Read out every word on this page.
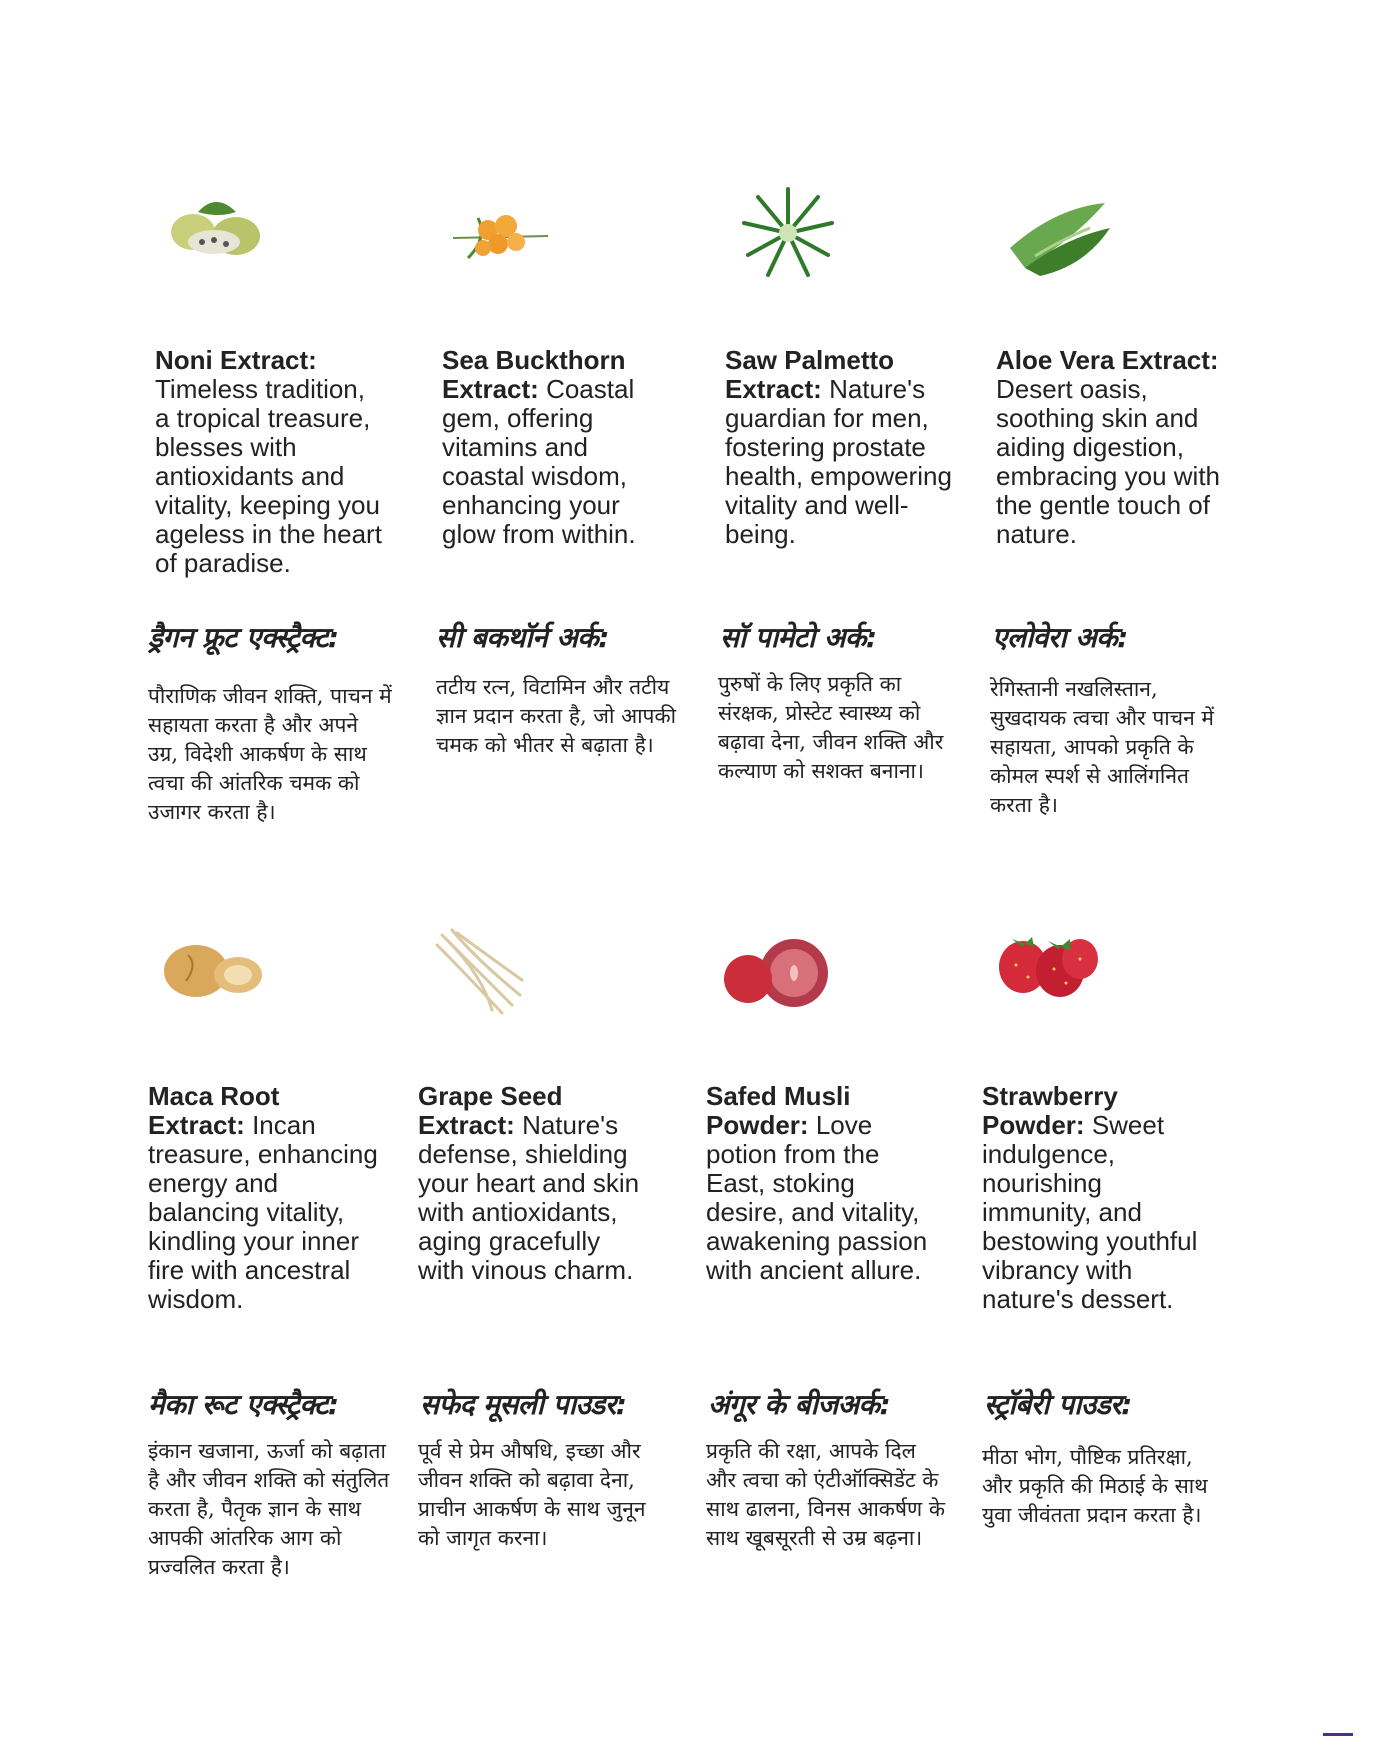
Noni Extract: Timeless tradition, a tropical treasure, blesses with antioxidants and vitality, keeping you ageless in the heart of paradise.

ड्रैगन फ्रूट एक्स्ट्रैक्ट:

पौराणिक जीवन शक्ति, पाचन में सहायता करता है और अपने उग्र, विदेशी आकर्षण के साथ त्वचा की आंतरिक चमक को उजागर करता है।

Sea Buckthorn Extract: Coastal gem, offering vitamins and coastal wisdom, enhancing your glow from within.

सी बकथॉर्न अर्क:

तटीय रत्न, विटामिन और तटीय ज्ञान प्रदान करता है, जो आपकी चमक को भीतर से बढ़ाता है।

Saw Palmetto Extract: Nature's guardian for men, fostering prostate health, empowering vitality and well-being.

सॉ पामेटो अर्क:

पुरुषों के लिए प्रकृति का संरक्षक, प्रोस्टेट स्वास्थ्य को बढ़ावा देना, जीवन शक्ति और कल्याण को सशक्त बनाना।

Aloe Vera Extract: Desert oasis, soothing skin and aiding digestion, embracing you with the gentle touch of nature.

एलोवेरा अर्क:

रेगिस्तानी नखलिस्तान, सुखदायक त्वचा और पाचन में सहायता, आपको प्रकृति के कोमल स्पर्श से आलिंगनित करता है।

Maca Root Extract: Incan treasure, enhancing energy and balancing vitality, kindling your inner fire with ancestral wisdom.

मैका रूट एक्स्ट्रैक्ट:

इंकान खजाना, ऊर्जा को बढ़ाता है और जीवन शक्ति को संतुलित करता है, पैतृक ज्ञान के साथ आपकी आंतरिक आग को प्रज्वलित करता है।

Grape Seed Extract: Nature's defense, shielding your heart and skin with antioxidants, aging gracefully with vinous charm.

सफेद मूसली पाउडर:

पूर्व से प्रेम औषधि, इच्छा और जीवन शक्ति को बढ़ावा देना, प्राचीन आकर्षण के साथ जुनून को जागृत करना।

Safed Musli Powder: Love potion from the East, stoking desire, and vitality, awakening passion with ancient allure.

अंगूर के बीजअर्क:

प्रकृति की रक्षा, आपके दिल और त्वचा को एंटीऑक्सिडेंट के साथ ढालना, विनस आकर्षण के साथ खूबसूरती से उम्र बढ़ना।

Strawberry Powder: Sweet indulgence, nourishing immunity, and bestowing youthful vibrancy with nature's dessert.

स्ट्रॉबेरी पाउडर:

मीठा भोग, पौष्टिक प्रतिरक्षा, और प्रकृति की मिठाई के साथ युवा जीवंतता प्रदान करता है।
